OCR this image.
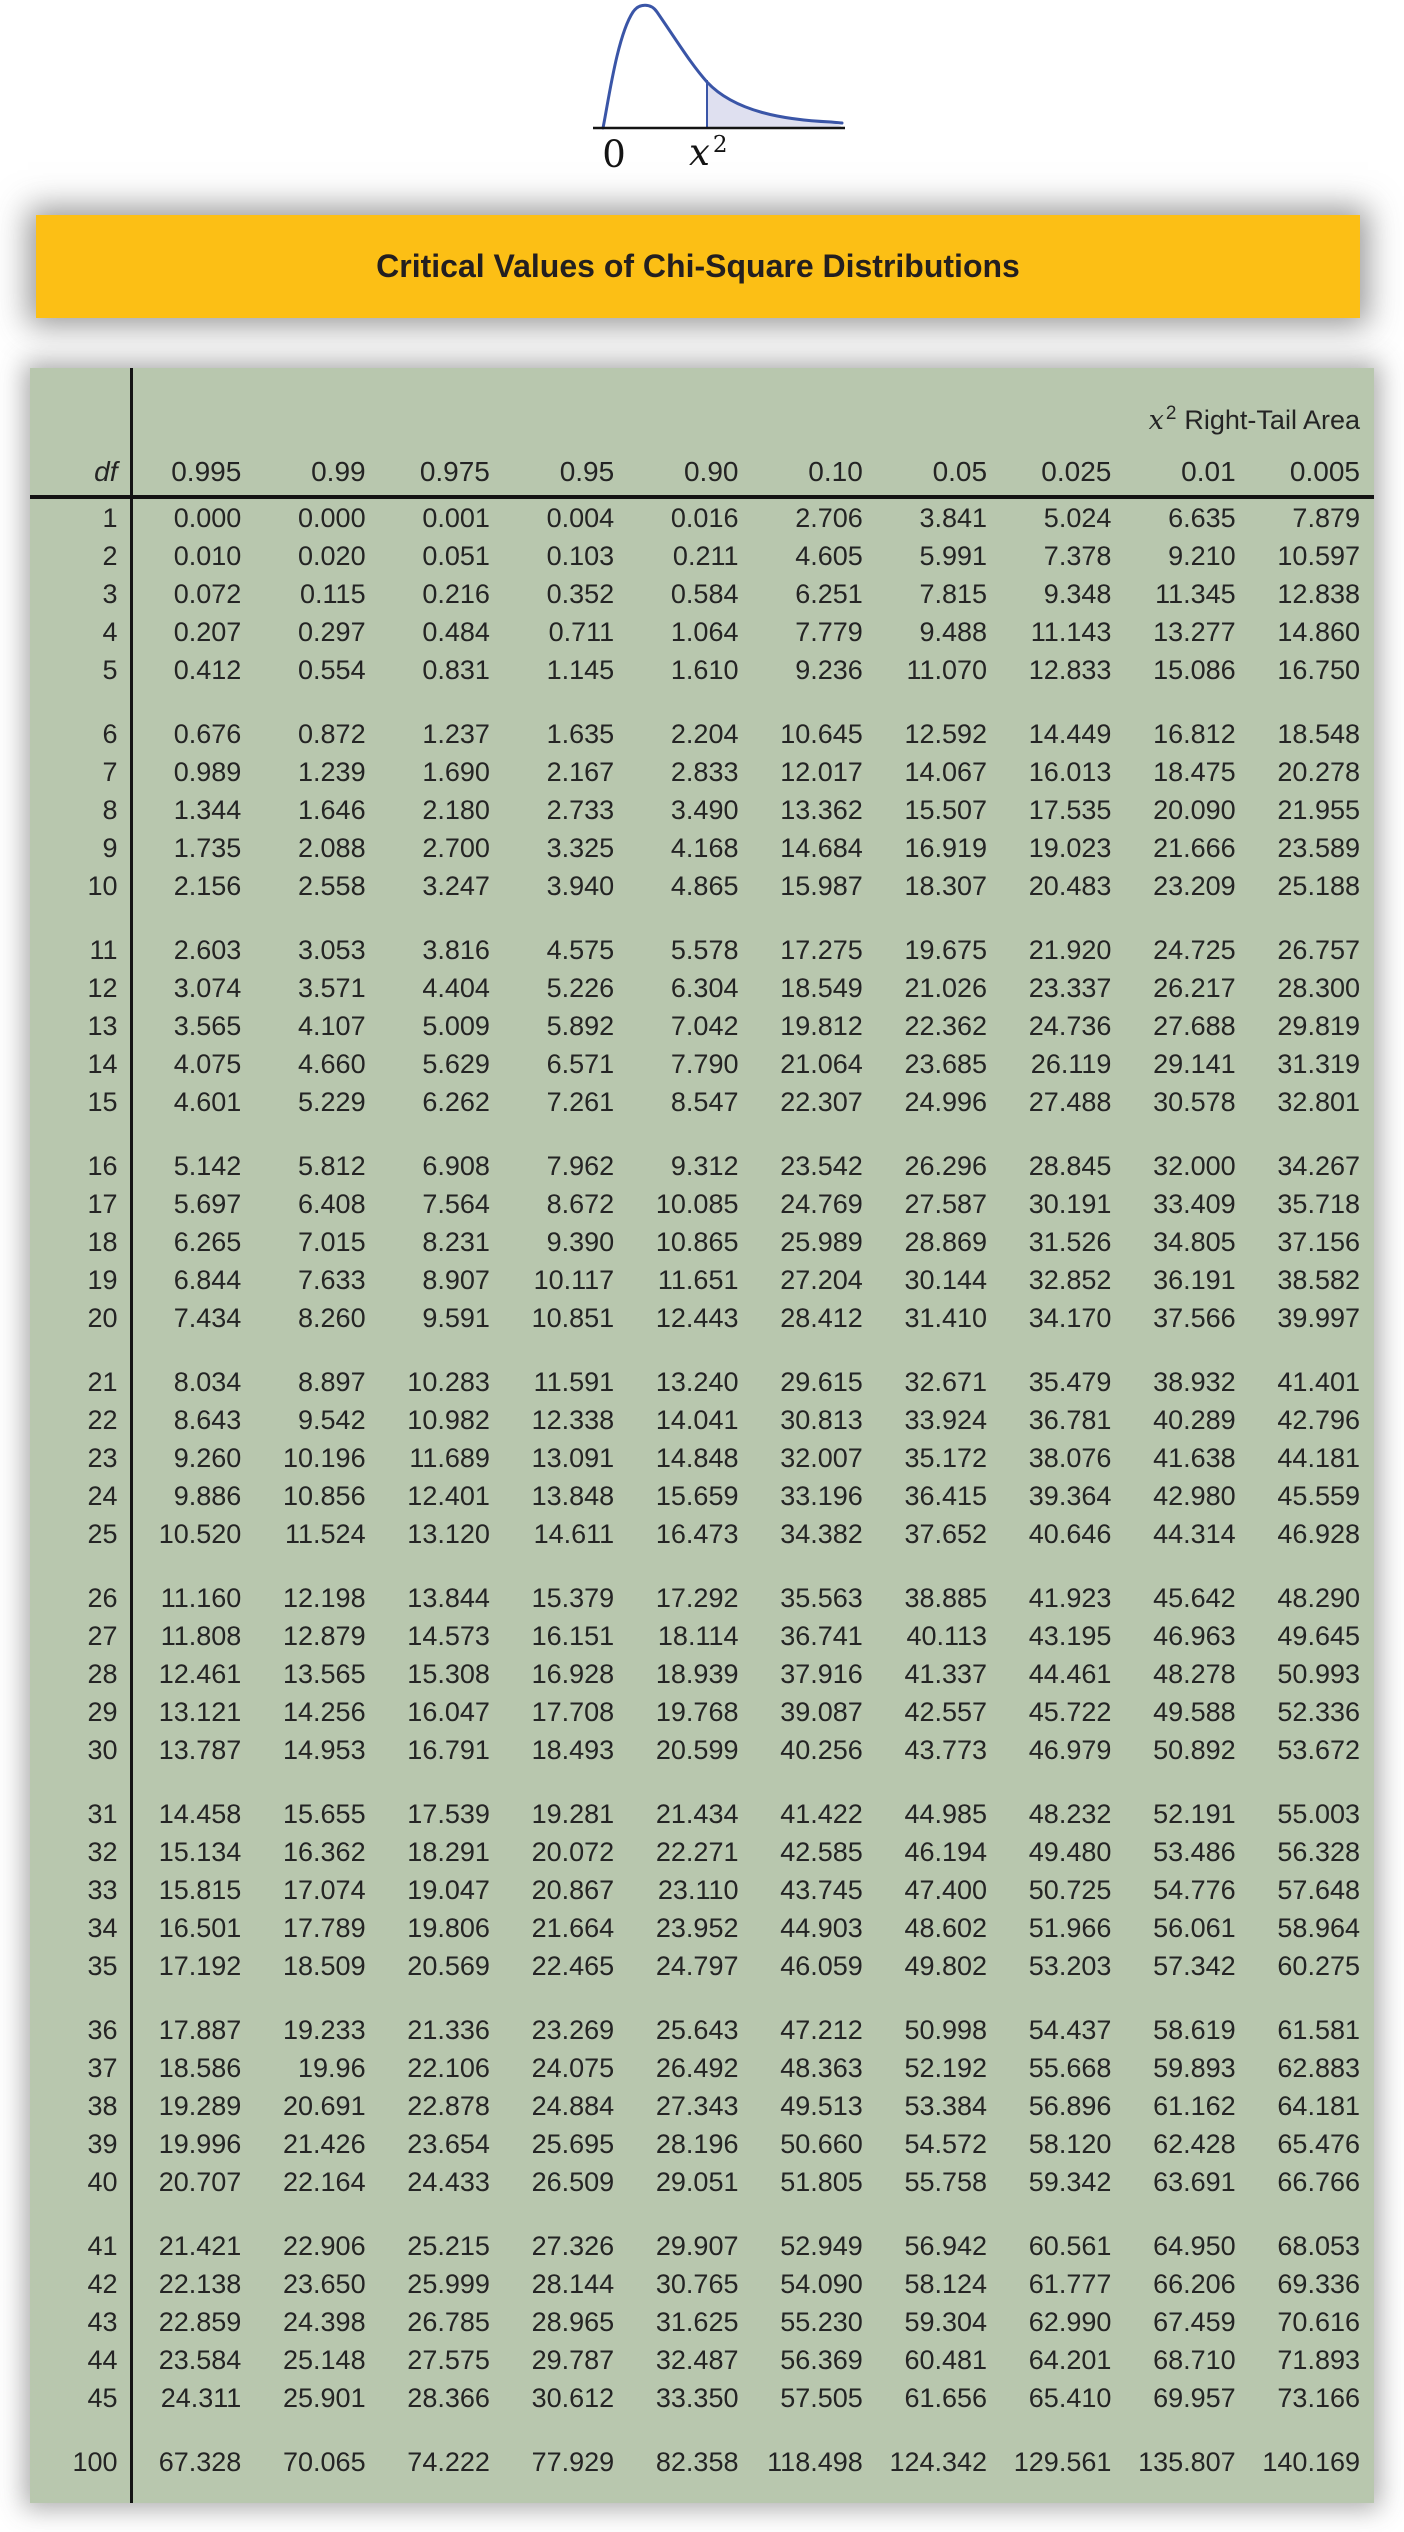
0 x $^2$
Critical Values of Chi-Square Distributions
	x $^2$ Right-Tail Area									
df	0.995	0.99	0.975	0.95	0.90	0.10	0.05	0.025	0.01	0.005
1	0.000	0.000	0.001	0.004	0.016	2.706	3.841	5.024	6.635	7.879
2	0.010	0.020	0.051	0.103	0.211	4.605	5.991	7.378	9.210	10.597
3	0.072	0.115	0.216	0.352	0.584	6.251	7.815	9.348	11.345	12.838
4	0.207	0.297	0.484	0.711	1.064	7.779	9.488	11.143	13.277	14.860
5	0.412	0.554	0.831	1.145	1.610	9.236	11.070	12.833	15.086	16.750

6	0.676	0.872	1.237	1.635	2.204	10.645	12.592	14.449	16.812	18.548
7	0.989	1.239	1.690	2.167	2.833	12.017	14.067	16.013	18.475	20.278
8	1.344	1.646	2.180	2.733	3.490	13.362	15.507	17.535	20.090	21.955
9	1.735	2.088	2.700	3.325	4.168	14.684	16.919	19.023	21.666	23.589
10	2.156	2.558	3.247	3.940	4.865	15.987	18.307	20.483	23.209	25.188

11	2.603	3.053	3.816	4.575	5.578	17.275	19.675	21.920	24.725	26.757
12	3.074	3.571	4.404	5.226	6.304	18.549	21.026	23.337	26.217	28.300
13	3.565	4.107	5.009	5.892	7.042	19.812	22.362	24.736	27.688	29.819
14	4.075	4.660	5.629	6.571	7.790	21.064	23.685	26.119	29.141	31.319
15	4.601	5.229	6.262	7.261	8.547	22.307	24.996	27.488	30.578	32.801

16	5.142	5.812	6.908	7.962	9.312	23.542	26.296	28.845	32.000	34.267
17	5.697	6.408	7.564	8.672	10.085	24.769	27.587	30.191	33.409	35.718
18	6.265	7.015	8.231	9.390	10.865	25.989	28.869	31.526	34.805	37.156
19	6.844	7.633	8.907	10.117	11.651	27.204	30.144	32.852	36.191	38.582
20	7.434	8.260	9.591	10.851	12.443	28.412	31.410	34.170	37.566	39.997

21	8.034	8.897	10.283	11.591	13.240	29.615	32.671	35.479	38.932	41.401
22	8.643	9.542	10.982	12.338	14.041	30.813	33.924	36.781	40.289	42.796
23	9.260	10.196	11.689	13.091	14.848	32.007	35.172	38.076	41.638	44.181
24	9.886	10.856	12.401	13.848	15.659	33.196	36.415	39.364	42.980	45.559
25	10.520	11.524	13.120	14.611	16.473	34.382	37.652	40.646	44.314	46.928

26	11.160	12.198	13.844	15.379	17.292	35.563	38.885	41.923	45.642	48.290
27	11.808	12.879	14.573	16.151	18.114	36.741	40.113	43.195	46.963	49.645
28	12.461	13.565	15.308	16.928	18.939	37.916	41.337	44.461	48.278	50.993
29	13.121	14.256	16.047	17.708	19.768	39.087	42.557	45.722	49.588	52.336
30	13.787	14.953	16.791	18.493	20.599	40.256	43.773	46.979	50.892	53.672

31	14.458	15.655	17.539	19.281	21.434	41.422	44.985	48.232	52.191	55.003
32	15.134	16.362	18.291	20.072	22.271	42.585	46.194	49.480	53.486	56.328
33	15.815	17.074	19.047	20.867	23.110	43.745	47.400	50.725	54.776	57.648
34	16.501	17.789	19.806	21.664	23.952	44.903	48.602	51.966	56.061	58.964
35	17.192	18.509	20.569	22.465	24.797	46.059	49.802	53.203	57.342	60.275

36	17.887	19.233	21.336	23.269	25.643	47.212	50.998	54.437	58.619	61.581
37	18.586	19.96	22.106	24.075	26.492	48.363	52.192	55.668	59.893	62.883
38	19.289	20.691	22.878	24.884	27.343	49.513	53.384	56.896	61.162	64.181
39	19.996	21.426	23.654	25.695	28.196	50.660	54.572	58.120	62.428	65.476
40	20.707	22.164	24.433	26.509	29.051	51.805	55.758	59.342	63.691	66.766

41	21.421	22.906	25.215	27.326	29.907	52.949	56.942	60.561	64.950	68.053
42	22.138	23.650	25.999	28.144	30.765	54.090	58.124	61.777	66.206	69.336
43	22.859	24.398	26.785	28.965	31.625	55.230	59.304	62.990	67.459	70.616
44	23.584	25.148	27.575	29.787	32.487	56.369	60.481	64.201	68.710	71.893
45	24.311	25.901	28.366	30.612	33.350	57.505	61.656	65.410	69.957	73.166

100	67.328	70.065	74.222	77.929	82.358	118.498	124.342	129.561	135.807	140.169
